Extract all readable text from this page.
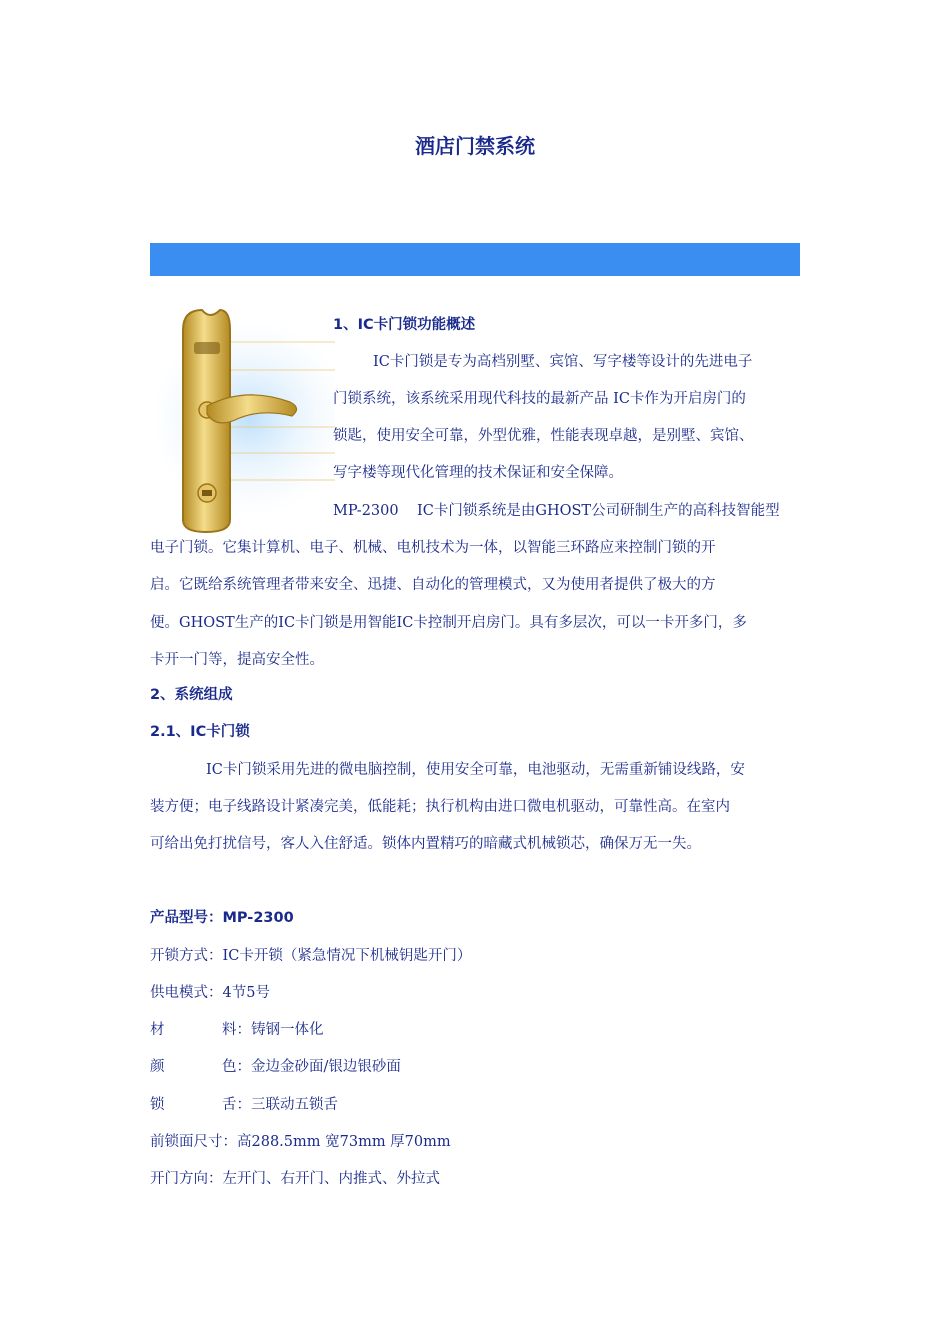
酒店门禁系统
1、IC卡门锁功能概述
IC卡门锁是专为高档别墅、宾馆、写字楼等设计的先进电子
门锁系统，该系统采用现代科技的最新产品 IC卡作为开启房门的
锁匙，使用安全可靠，外型优雅，性能表现卓越，是别墅、宾馆、
写字楼等现代化管理的技术保证和安全保障。
MP-2300    IC卡门锁系统是由GHOST公司研制生产的高科技智能型
电子门锁。它集计算机、电子、机械、电机技术为一体，以智能三环路应来控制门锁的开
启。它既给系统管理者带来安全、迅捷、自动化的管理模式，又为使用者提供了极大的方
便。GHOST生产的IC卡门锁是用智能IC卡控制开启房门。具有多层次，可以一卡开多门，多
卡开一门等，提高安全性。
2、系统组成
2.1、IC卡门锁
IC卡门锁采用先进的微电脑控制，使用安全可靠，电池驱动，无需重新铺设线路，安
装方便；电子线路设计紧凑完美，低能耗；执行机构由进口微电机驱动，可靠性高。在室内
可给出免打扰信号，客人入住舒适。锁体内置精巧的暗藏式机械锁芯，确保万无一失。
产品型号：MP-2300
开锁方式：IC卡开锁（紧急情况下机械钥匙开门）
供电模式：4节5号
材	料：铸钢一体化
颜	色：金边金砂面/银边银砂面
锁	舌：三联动五锁舌
前锁面尺寸：高288.5mm 宽73mm 厚70mm
开门方向：左开门、右开门、内推式、外拉式
